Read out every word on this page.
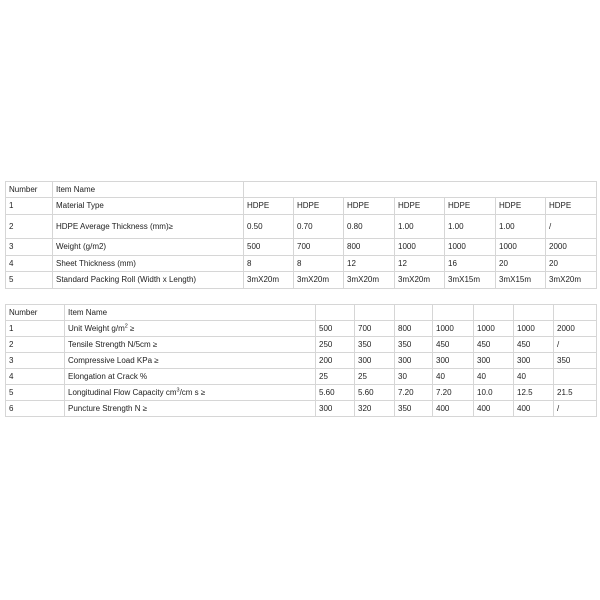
Number	Item Name							
1	Material Type	HDPE	HDPE	HDPE	HDPE	HDPE	HDPE	HDPE
2	HDPE Average Thickness (mm)≥	0.50	0.70	0.80	1.00	1.00	1.00	/
3	Weight (g/m2)	500	700	800	1000	1000	1000	2000
4	Sheet Thickness (mm)	8	8	12	12	16	20	20
5	Standard Packing Roll (Width x Length)	3mX20m	3mX20m	3mX20m	3mX20m	3mX15m	3mX15m	3mX20m
Number	Item Name							
1	Unit Weight $g/m^2$ ≥	500	700	800	1000	1000	1000	2000
2	Tensile Strength N/5cm ≥	250	350	350	450	450	450	/
3	Compressive Load KPa ≥	200	300	300	300	300	300	350
4	Elongation at Crack %	25	25	30	40	40	40	
5	Longitudinal Flow Capacity $cm^3/cm$ s ≥	5.60	5.60	7.20	7.20	10.0	12.5	21.5
6	Puncture Strength N ≥	300	320	350	400	400	400	/
